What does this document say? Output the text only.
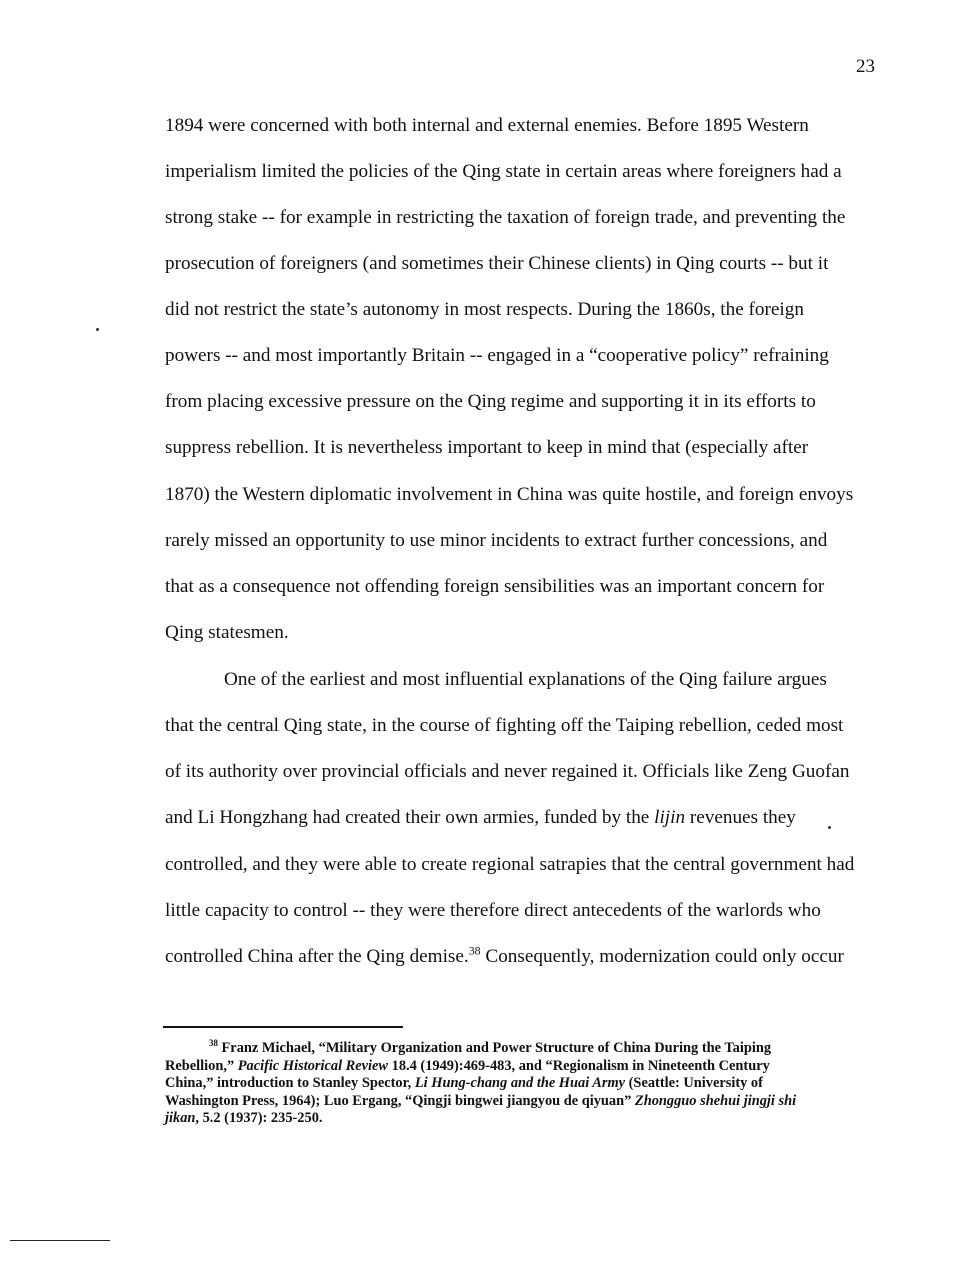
23
1894 were concerned with both internal and external enemies. Before 1895 Western
imperialism limited the policies of the Qing state in certain areas where foreigners had a
strong stake -- for example in restricting the taxation of foreign trade, and preventing the
prosecution of foreigners (and sometimes their Chinese clients) in Qing courts -- but it
did not restrict the state’s autonomy in most respects. During the 1860s, the foreign
powers -- and most importantly Britain -- engaged in a “cooperative policy” refraining
from placing excessive pressure on the Qing regime and supporting it in its efforts to
suppress rebellion. It is nevertheless important to keep in mind that (especially after
1870) the Western diplomatic involvement in China was quite hostile, and foreign envoys
rarely missed an opportunity to use minor incidents to extract further concessions, and
that as a consequence not offending foreign sensibilities was an important concern for
Qing statesmen.
One of the earliest and most influential explanations of the Qing failure argues
that the central Qing state, in the course of fighting off the Taiping rebellion, ceded most
of its authority over provincial officials and never regained it. Officials like Zeng Guofan
and Li Hongzhang had created their own armies, funded by the lijin revenues they
controlled, and they were able to create regional satrapies that the central government had
little capacity to control -- they were therefore direct antecedents of the warlords who
controlled China after the Qing demise.$^{38}$ Consequently, modernization could only occur
$^{38}$ Franz Michael, “Military Organization and Power Structure of China During the Taiping
Rebellion,” Pacific Historical Review 18.4 (1949):469-483, and “Regionalism in Nineteenth Century
China,” introduction to Stanley Spector, Li Hung-chang and the Huai Army (Seattle: University of
Washington Press, 1964); Luo Ergang, “Qingji bingwei jiangyou de qiyuan” Zhongguo shehui jingji shi
jikan, 5.2 (1937): 235-250.
